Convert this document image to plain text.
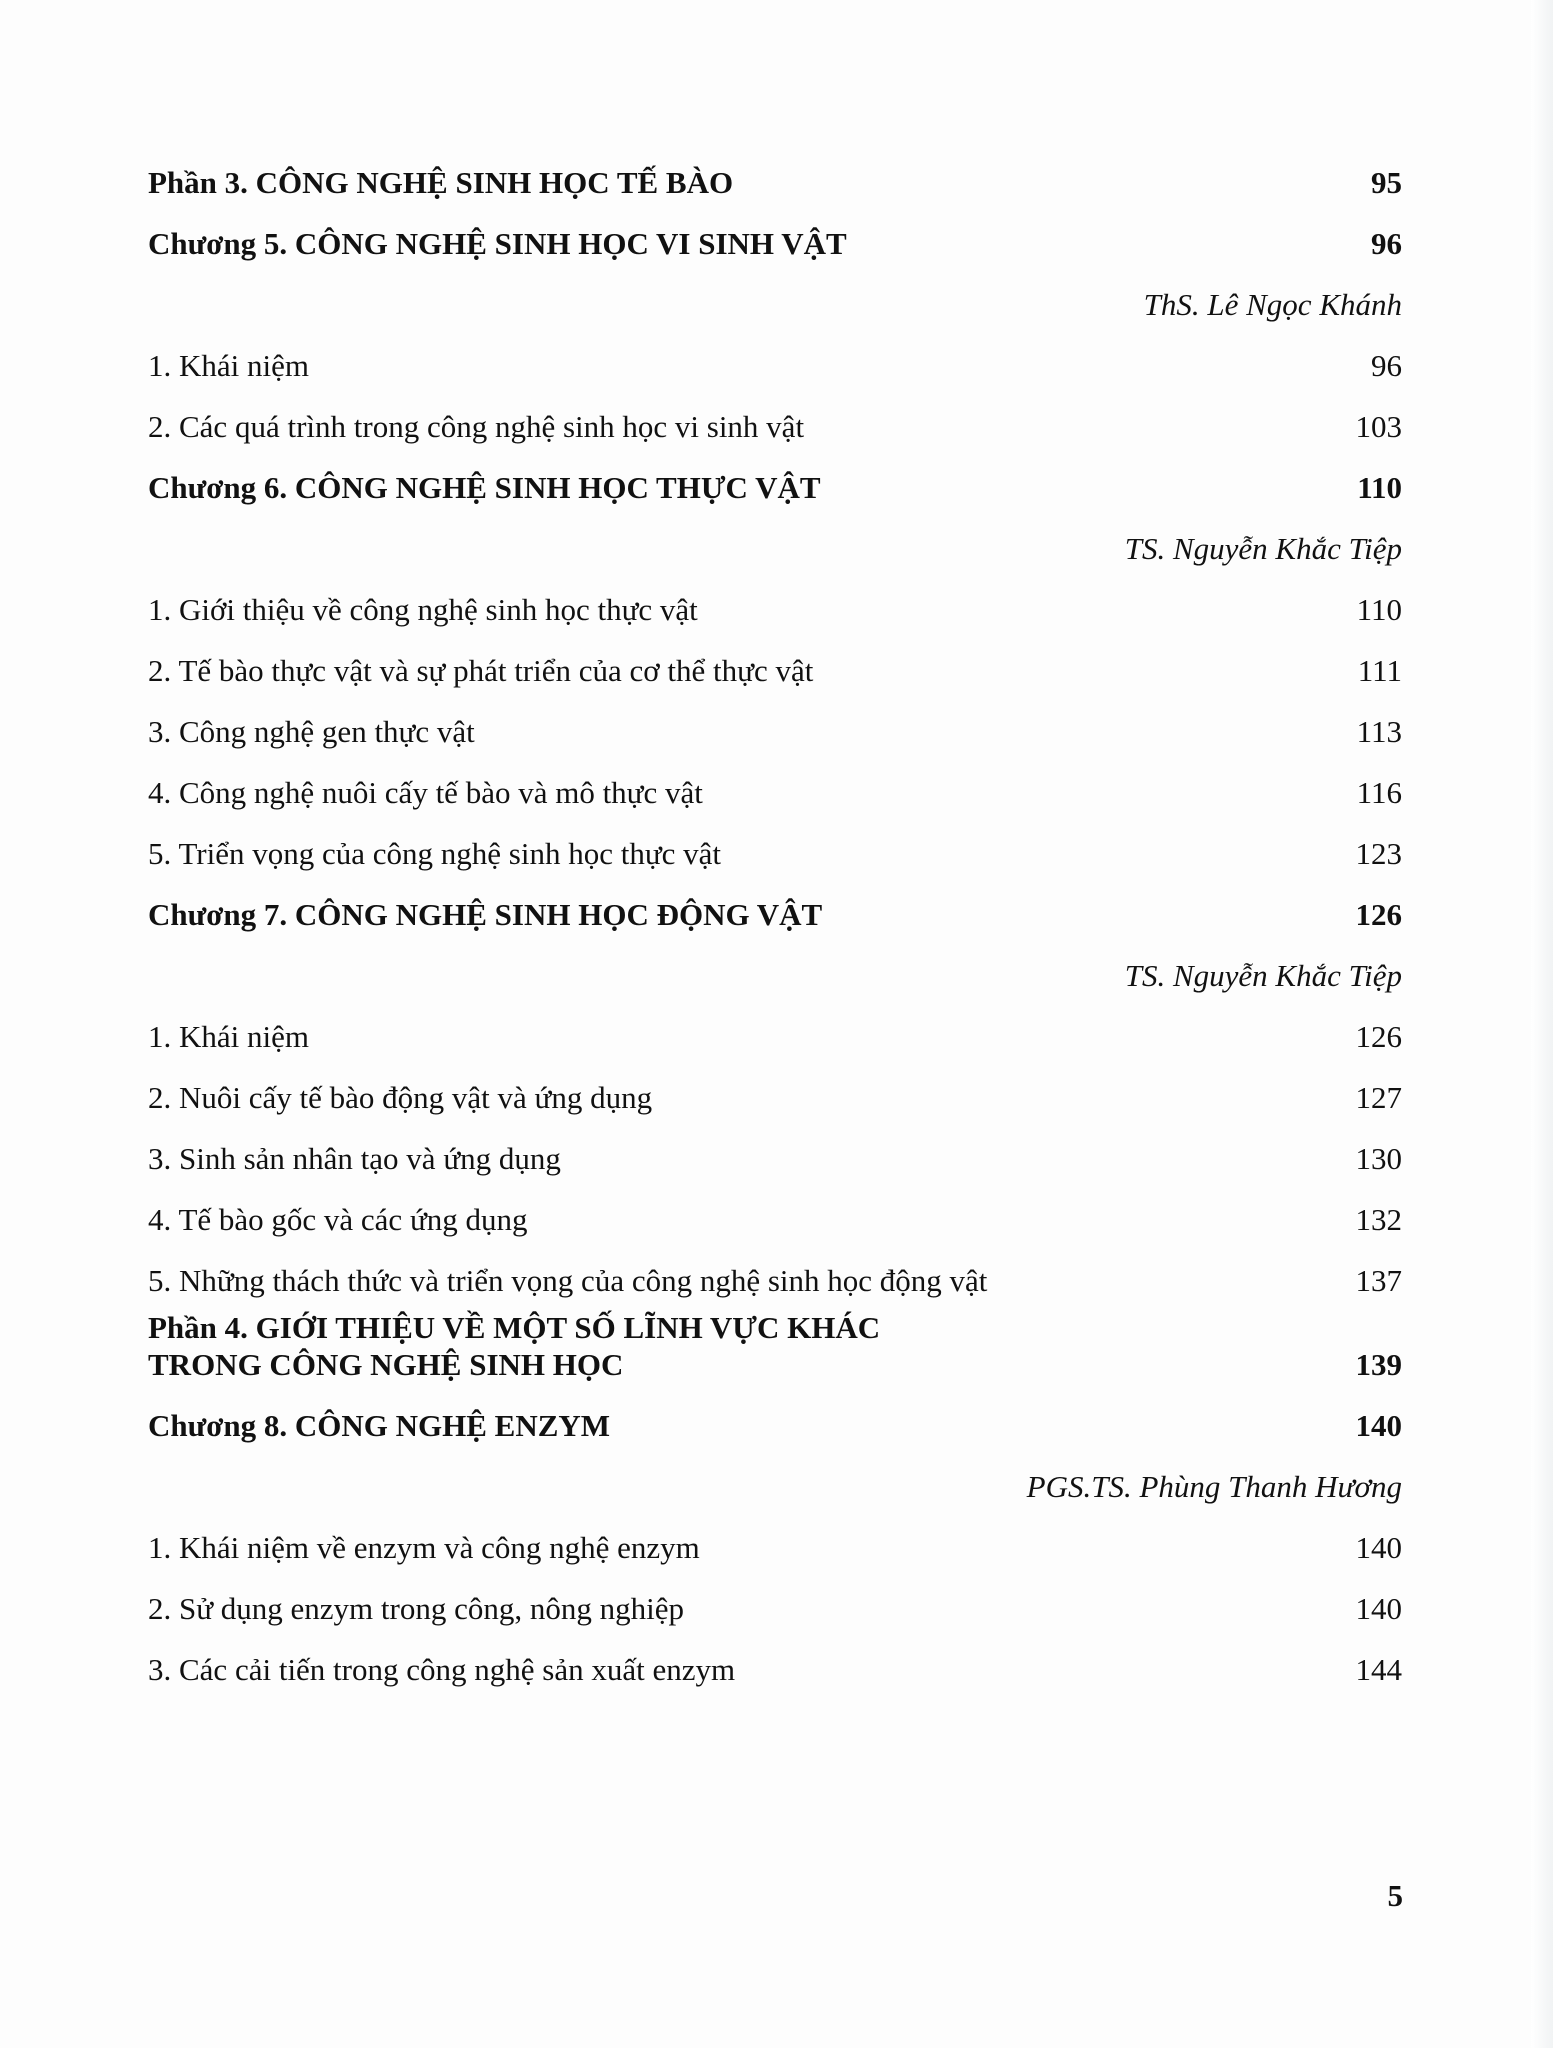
Phần 3. CÔNG NGHỆ SINH HỌC TẾ BÀO	95
Chương 5. CÔNG NGHỆ SINH HỌC VI SINH VẬT	96
ThS. Lê Ngọc Khánh
1. Khái niệm	96
2. Các quá trình trong công nghệ sinh học vi sinh vật	103
Chương 6. CÔNG NGHỆ SINH HỌC THỰC VẬT	110
TS. Nguyễn Khắc Tiệp
1. Giới thiệu về công nghệ sinh học thực vật	110
2. Tế bào thực vật và sự phát triển của cơ thể thực vật	111
3. Công nghệ gen thực vật	113
4. Công nghệ nuôi cấy tế bào và mô thực vật	116
5. Triển vọng của công nghệ sinh học thực vật	123
Chương 7. CÔNG NGHỆ SINH HỌC ĐỘNG VẬT	126
TS. Nguyễn Khắc Tiệp
1. Khái niệm	126
2. Nuôi cấy tế bào động vật và ứng dụng	127
3. Sinh sản nhân tạo và ứng dụng	130
4. Tế bào gốc và các ứng dụng	132
5. Những thách thức và triển vọng của công nghệ sinh học động vật	137
Phần 4. GIỚI THIỆU VỀ MỘT SỐ LĨNH VỰC KHÁC
TRONG CÔNG NGHỆ SINH HỌC	139
Chương 8. CÔNG NGHỆ ENZYM	140
PGS.TS. Phùng Thanh Hương
1. Khái niệm về enzym và công nghệ enzym	140
2. Sử dụng enzym trong công, nông nghiệp	140
3. Các cải tiến trong công nghệ sản xuất enzym	144
5
